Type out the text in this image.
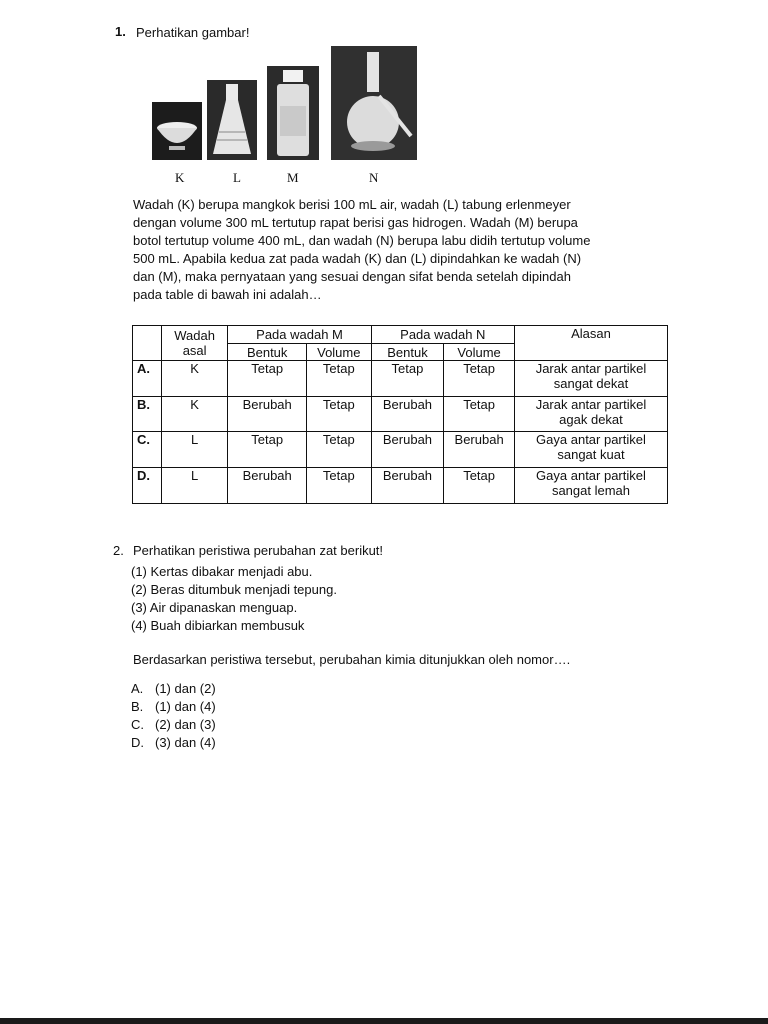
1. Perhatikan gambar!
K	L	M	N
Wadah (K) berupa mangkok berisi 100 mL air, wadah (L) tabung erlenmeyer
dengan volume 300 mL tertutup rapat berisi gas hidrogen. Wadah (M) berupa
botol tertutup volume 400 mL, dan wadah (N) berupa labu didih tertutup volume
500 mL. Apabila kedua zat pada wadah (K) dan (L) dipindahkan ke wadah (N)
dan (M), maka pernyataan yang sesuai dengan sifat benda setelah dipindah
pada table di bawah ini adalah…
	Wadah
asal	Pada wadah M		Pada wadah N		Alasan
		Bentuk	Volume	Bentuk	Volume	
A.	K	Tetap	Tetap	Tetap	Tetap	Jarak antar partikel
sangat dekat
B.	K	Berubah	Tetap	Berubah	Tetap	Jarak antar partikel
agak dekat
C.	L	Tetap	Tetap	Berubah	Berubah	Gaya antar partikel
sangat kuat
D.	L	Berubah	Tetap	Berubah	Tetap	Gaya antar partikel
sangat lemah
2. Perhatikan peristiwa perubahan zat berikut!
(1) Kertas dibakar menjadi abu.
(2) Beras ditumbuk menjadi tepung.
(3) Air dipanaskan menguap.
(4) Buah dibiarkan membusuk
Berdasarkan peristiwa tersebut, perubahan kimia ditunjukkan oleh nomor….
A. (1) dan (2)
B. (1) dan (4)
C. (2) dan (3)
D. (3) dan (4)
